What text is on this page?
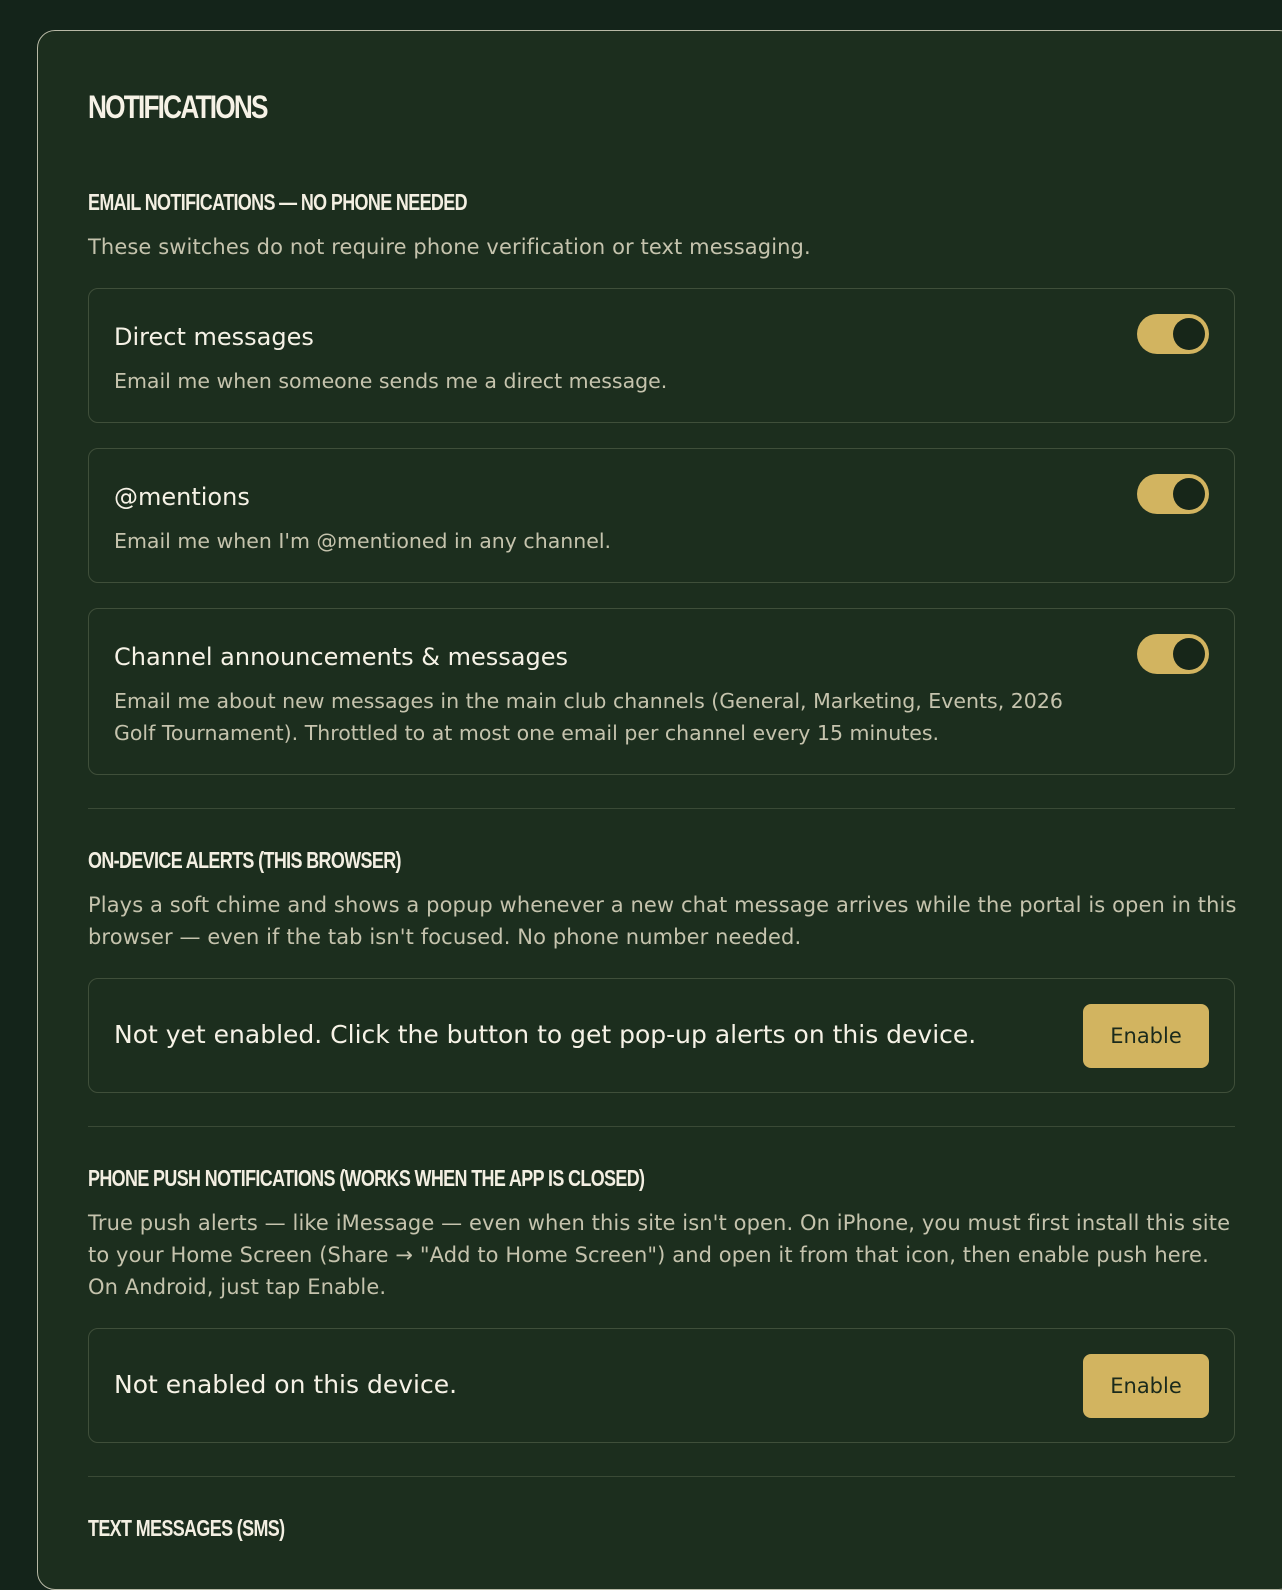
NOTIFICATIONS
EMAIL NOTIFICATIONS — NO PHONE NEEDED
These switches do not require phone verification or text messaging.
Direct messages
Email me when someone sends me a direct message.
@mentions
Email me when I'm @mentioned in any channel.
Channel announcements & messages
Email me about new messages in the main club channels (General, Marketing, Events, 2026 Golf Tournament). Throttled to at most one email per channel every 15 minutes.
ON-DEVICE ALERTS (THIS BROWSER)
Plays a soft chime and shows a popup whenever a new chat message arrives while the portal is open in this browser — even if the tab isn't focused. No phone number needed.
Not yet enabled. Click the button to get pop-up alerts on this device.	Enable
PHONE PUSH NOTIFICATIONS (WORKS WHEN THE APP IS CLOSED)
True push alerts — like iMessage — even when this site isn't open. On iPhone, you must first install this site to your Home Screen (Share → "Add to Home Screen") and open it from that icon, then enable push here. On Android, just tap Enable.
Not enabled on this device.	Enable
TEXT MESSAGES (SMS)
